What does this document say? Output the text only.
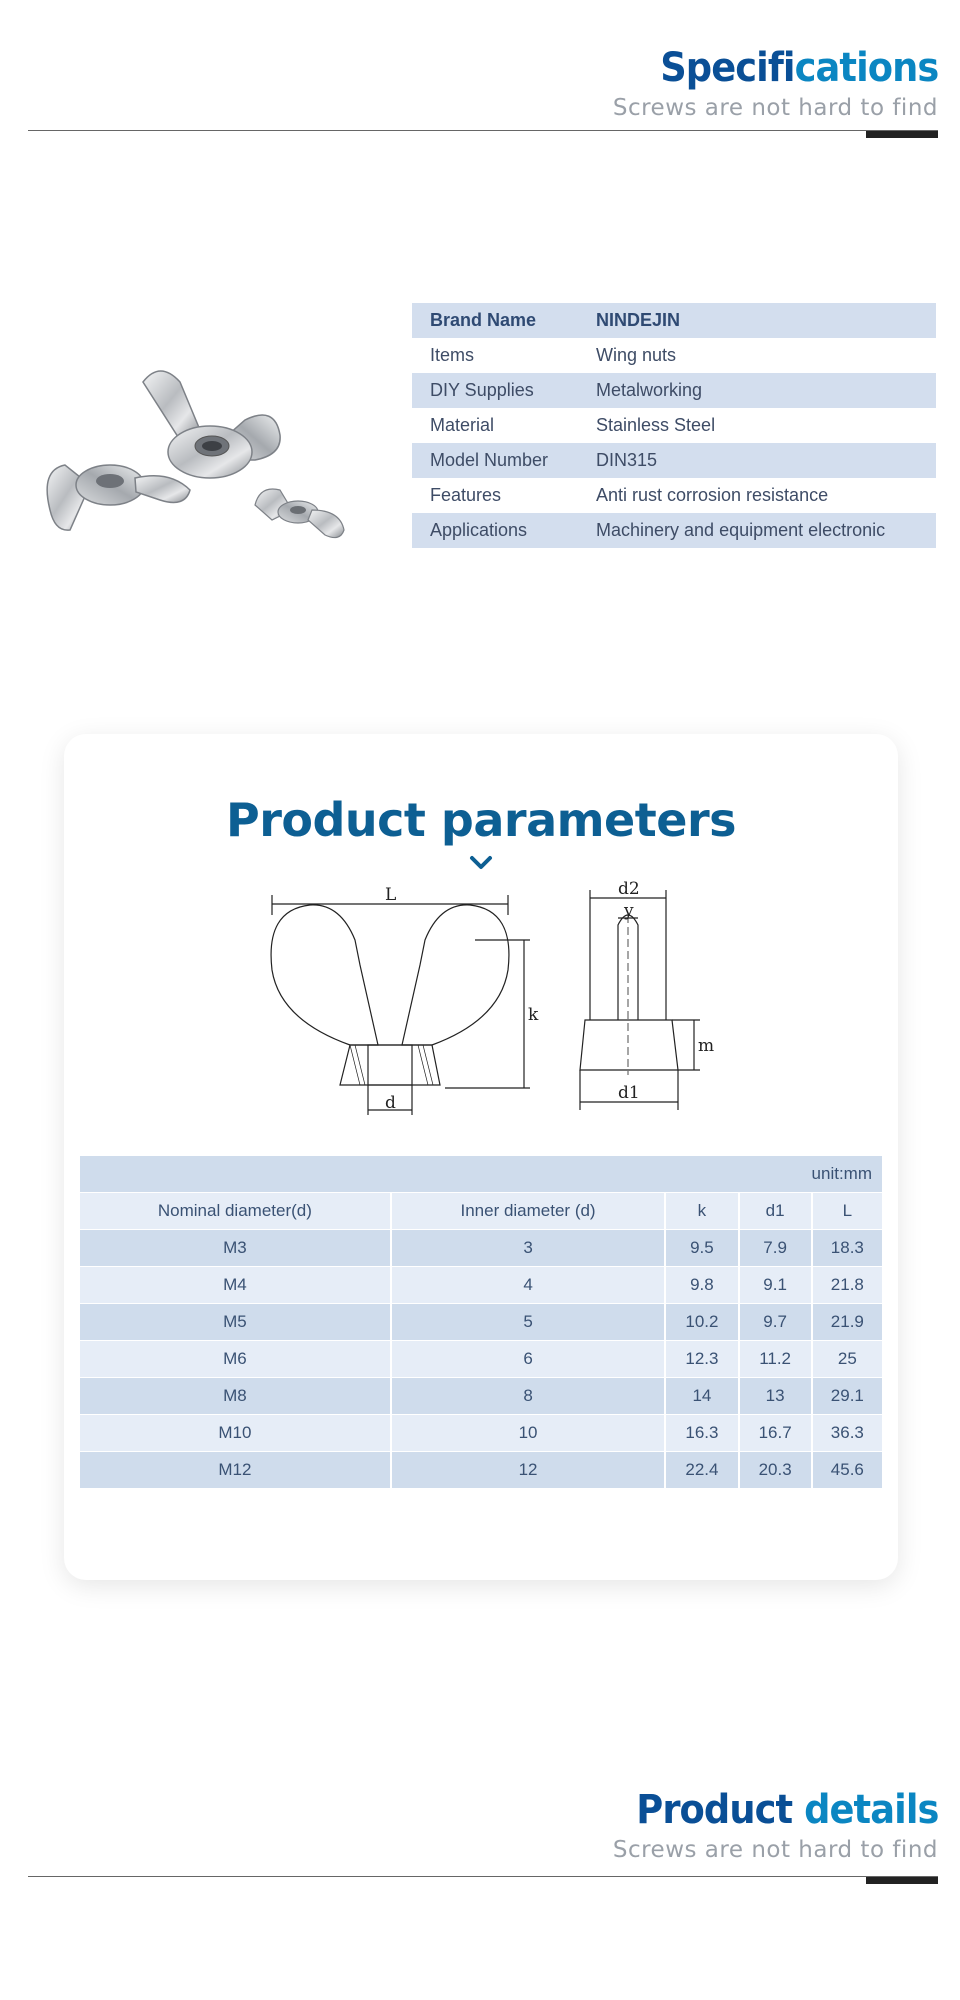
Specifications
Screws are not hard to find
Brand Name	NINDEJIN
Items	Wing nuts
DIY Supplies	Metalworking
Material	Stainless Steel
Model Number	DIN315
Features	Anti rust corrosion resistance
Applications	Machinery and equipment electronic
Product parameters
L
k
d
d2
y
m
d1
unit:mm				
Nominal diameter(d)	Inner diameter (d)	k	d1	L
M3	3	9.5	7.9	18.3
M4	4	9.8	9.1	21.8
M5	5	10.2	9.7	21.9
M6	6	12.3	11.2	25
M8	8	14	13	29.1
M10	10	16.3	16.7	36.3
M12	12	22.4	20.3	45.6
Product details
Screws are not hard to find
